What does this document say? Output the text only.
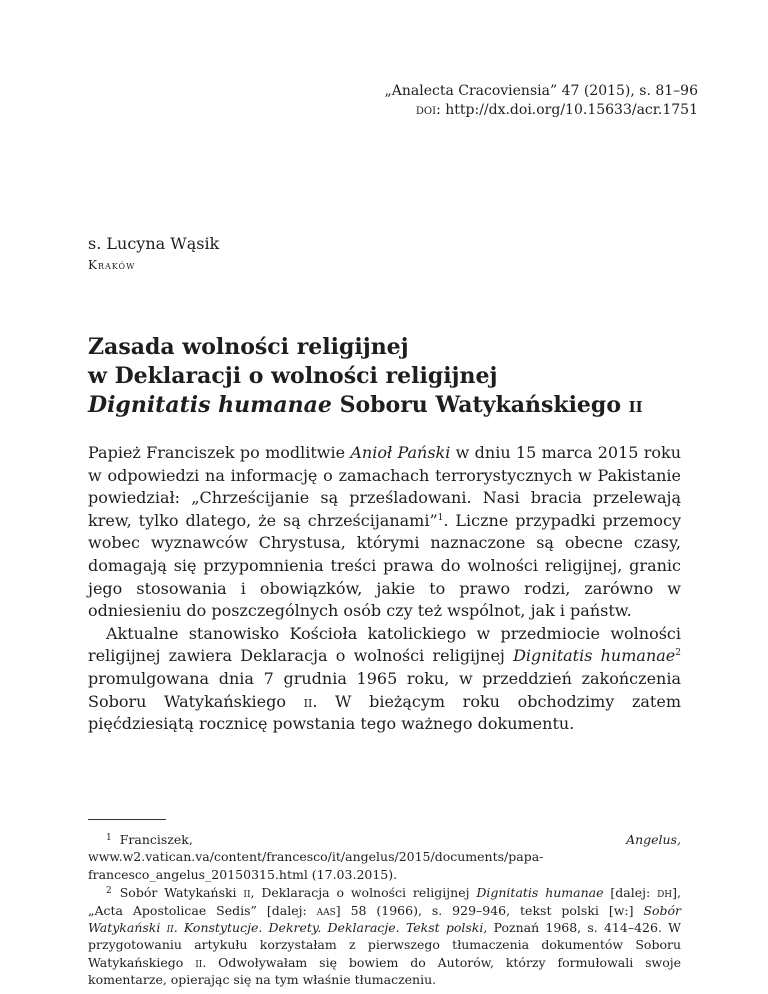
„Analecta Cracoviensia” 47 (2015), s. 81–96
doi: http://dx.doi.org/10.15633/acr.1751
s. Lucyna Wąsik
Kraków
Zasada wolności religijnej
w Deklaracji o wolności religijnej
Dignitatis humanae Soboru Watykańskiego ii

Papież Franciszek po modlitwie Anioł Pański w dniu 15 marca 2015 roku w odpowiedzi na informację o zamachach terrorystycznych w Pakistanie powiedział: „Chrześcijanie są prześladowani. Nasi bracia przelewają krew, tylko dlatego, że są chrześcijanami”$^1$. Liczne przypadki przemocy wobec wyznawców Chrystusa, którymi naznaczone są obecne czasy, domagają się przypomnienia treści prawa do wolności religijnej, granic jego stosowania i obowiązków, jakie to prawo rodzi, zarówno w odniesieniu do poszczególnych osób czy też wspólnot, jak i państw.

Aktualne stanowisko Kościoła katolickiego w przedmiocie wolności religijnej zawiera Deklaracja o wolności religijnej Dignitatis humanae$^2$ promulgowana dnia 7 grudnia 1965 roku, w przeddzień zakończenia Soboru Watykańskiego ii. W bieżącym roku obchodzimy zatem pięćdziesiątą rocznicę powstania tego ważnego dokumentu.

$^1$ Franciszek, Angelus, www.w2.vatican.va/content/francesco/it/angelus/2015/documents/papa-francesco_angelus_20150315.html (17.03.2015).

$^2$ Sobór Watykański ii, Deklaracja o wolności religijnej Dignitatis humanae [dalej: dh], „Acta Apostolicae Sedis” [dalej: aas] 58 (1966), s. 929–946, tekst polski [w:] Sobór Watykański ii. Konstytucje. Dekrety. Deklaracje. Tekst polski, Poznań 1968, s. 414–426. W przygotowaniu artykułu korzystałam z pierwszego tłumaczenia dokumentów Soboru Watykańskiego ii. Odwoływałam się bowiem do Autorów, którzy formułowali swoje komentarze, opierając się na tym właśnie tłumaczeniu.
